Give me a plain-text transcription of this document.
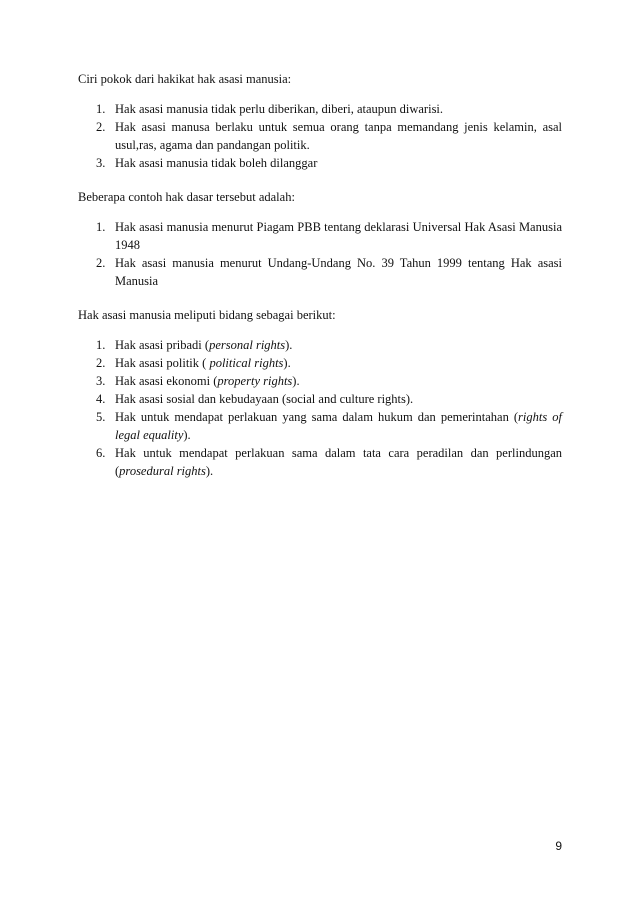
Ciri pokok dari hakikat hak asasi manusia:

1. Hak asasi manusia tidak perlu diberikan, diberi, ataupun diwarisi.
2. Hak asasi manusa berlaku untuk semua orang tanpa memandang jenis kelamin, asal usul,ras, agama dan pandangan politik.
3. Hak asasi manusia tidak boleh dilanggar

Beberapa contoh hak dasar tersebut adalah:

1. Hak asasi manusia menurut Piagam PBB tentang deklarasi Universal Hak Asasi Manusia 1948
2. Hak asasi manusia menurut Undang-Undang No. 39 Tahun 1999 tentang Hak asasi Manusia

Hak asasi manusia meliputi bidang sebagai berikut:

1. Hak asasi pribadi (personal rights).
2. Hak asasi politik ( political rights).
3. Hak asasi ekonomi (property rights).
4. Hak asasi sosial dan kebudayaan (social and culture rights).
5. Hak untuk mendapat perlakuan yang sama dalam hukum dan pemerintahan (rights of legal equality).
6. Hak untuk mendapat perlakuan sama dalam tata cara peradilan dan perlindungan (prosedural rights).
9
